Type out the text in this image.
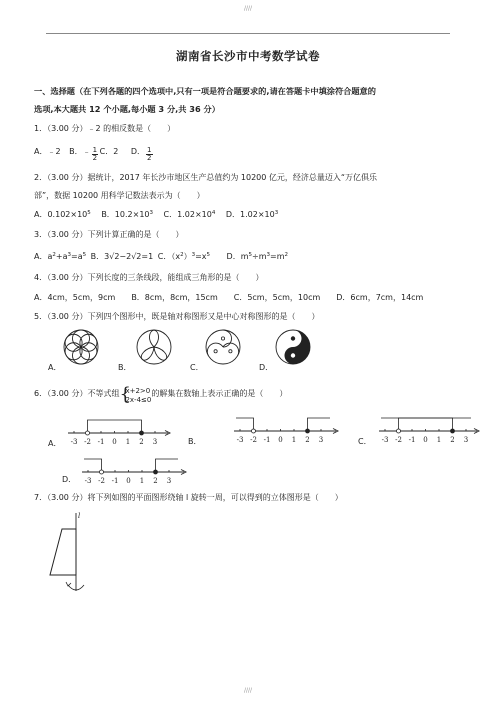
////
湖南省长沙市中考数学试卷
一、选择题（在下列各题的四个选项中,只有一项是符合题要求的,请在答题卡中填涂符合题意的
选项,本大题共 12 个小题,每小题 3 分,共 36 分）
1．（3.00 分）﹣2 的相反数是（　　）
A．﹣2 B．﹣ $\frac{1}{2}$ C．2 D． $\frac{1}{2}$
2．（3.00 分）据统计，2017 年长沙市地区生产总值约为 10200 亿元，经济总量迈入“万亿俱乐
部”，数据 10200 用科学记数法表示为（　　）
A．$0.102\times 10^5$ B．$10.2\times 10^3$ C．$1.02\times 10^4$ D．$1.02\times 10^3$
3．（3.00 分）下列计算正确的是（　　）
A．$a^2+a^3=a^5$ B．3√2−2√2=1 C．$(x^2)^3=x^5$ D．$m^5\div m^3=m^2$
4．（3.00 分）下列长度的三条线段，能组成三角形的是（　　）
A．4cm，5cm，9cm　　B．8cm，8cm，15cm　　C．5cm，5cm，10cm　　D．6cm，7cm，14cm
5．（3.00 分）下列四个图形中，既是轴对称图形又是中心对称图形的是（　　）
A．	B．	C．	D．
6．（3.00 分）不等式组 {
x+2>0
2x-4≤0
的解集在数轴上表示正确的是（　　）
A．	B．	C．
D．
-3 -2 -1 0 1 2 3	-3 -2 -1 0 1 2 3	-3 -2 -1 0 1 2 3
-3 -2 -1 0 1 2 3
7．（3.00 分）将下列如图的平面图形绕轴 l 旋转一周，可以得到的立体图形是（　　）
l
////
